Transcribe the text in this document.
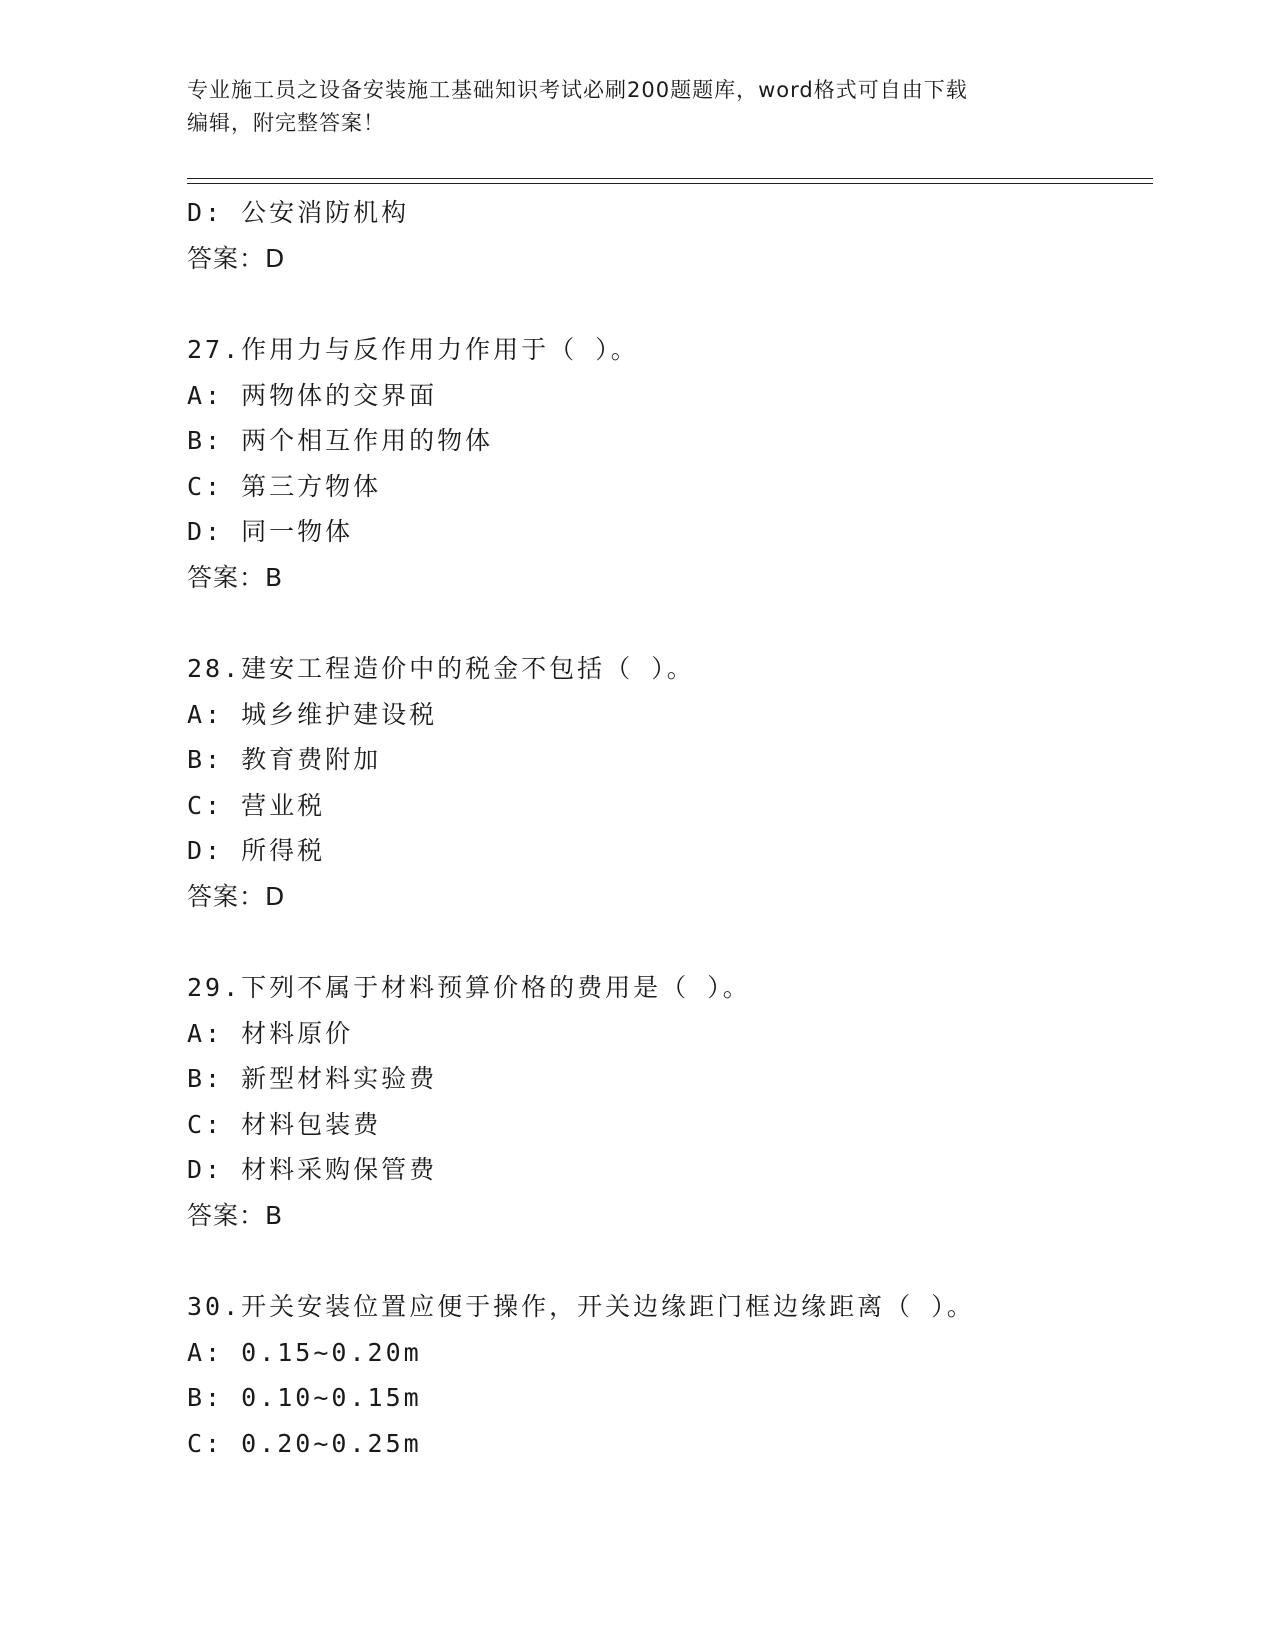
专业施工员之设备安装施工基础知识考试必刷200题题库，word格式可自由下载
编辑，附完整答案！
D: 公安消防机构
答案：D
27.作用力与反作用力作用于（ ）。
A: 两物体的交界面
B: 两个相互作用的物体
C: 第三方物体
D: 同一物体
答案：B
28.建安工程造价中的税金不包括（ ）。
A: 城乡维护建设税
B: 教育费附加
C: 营业税
D: 所得税
答案：D
29.下列不属于材料预算价格的费用是（ ）。
A: 材料原价
B: 新型材料实验费
C: 材料包装费
D: 材料采购保管费
答案：B
30.开关安装位置应便于操作，开关边缘距门框边缘距离（ ）。
A: 0.15~0.20m
B: 0.10~0.15m
C: 0.20~0.25m
